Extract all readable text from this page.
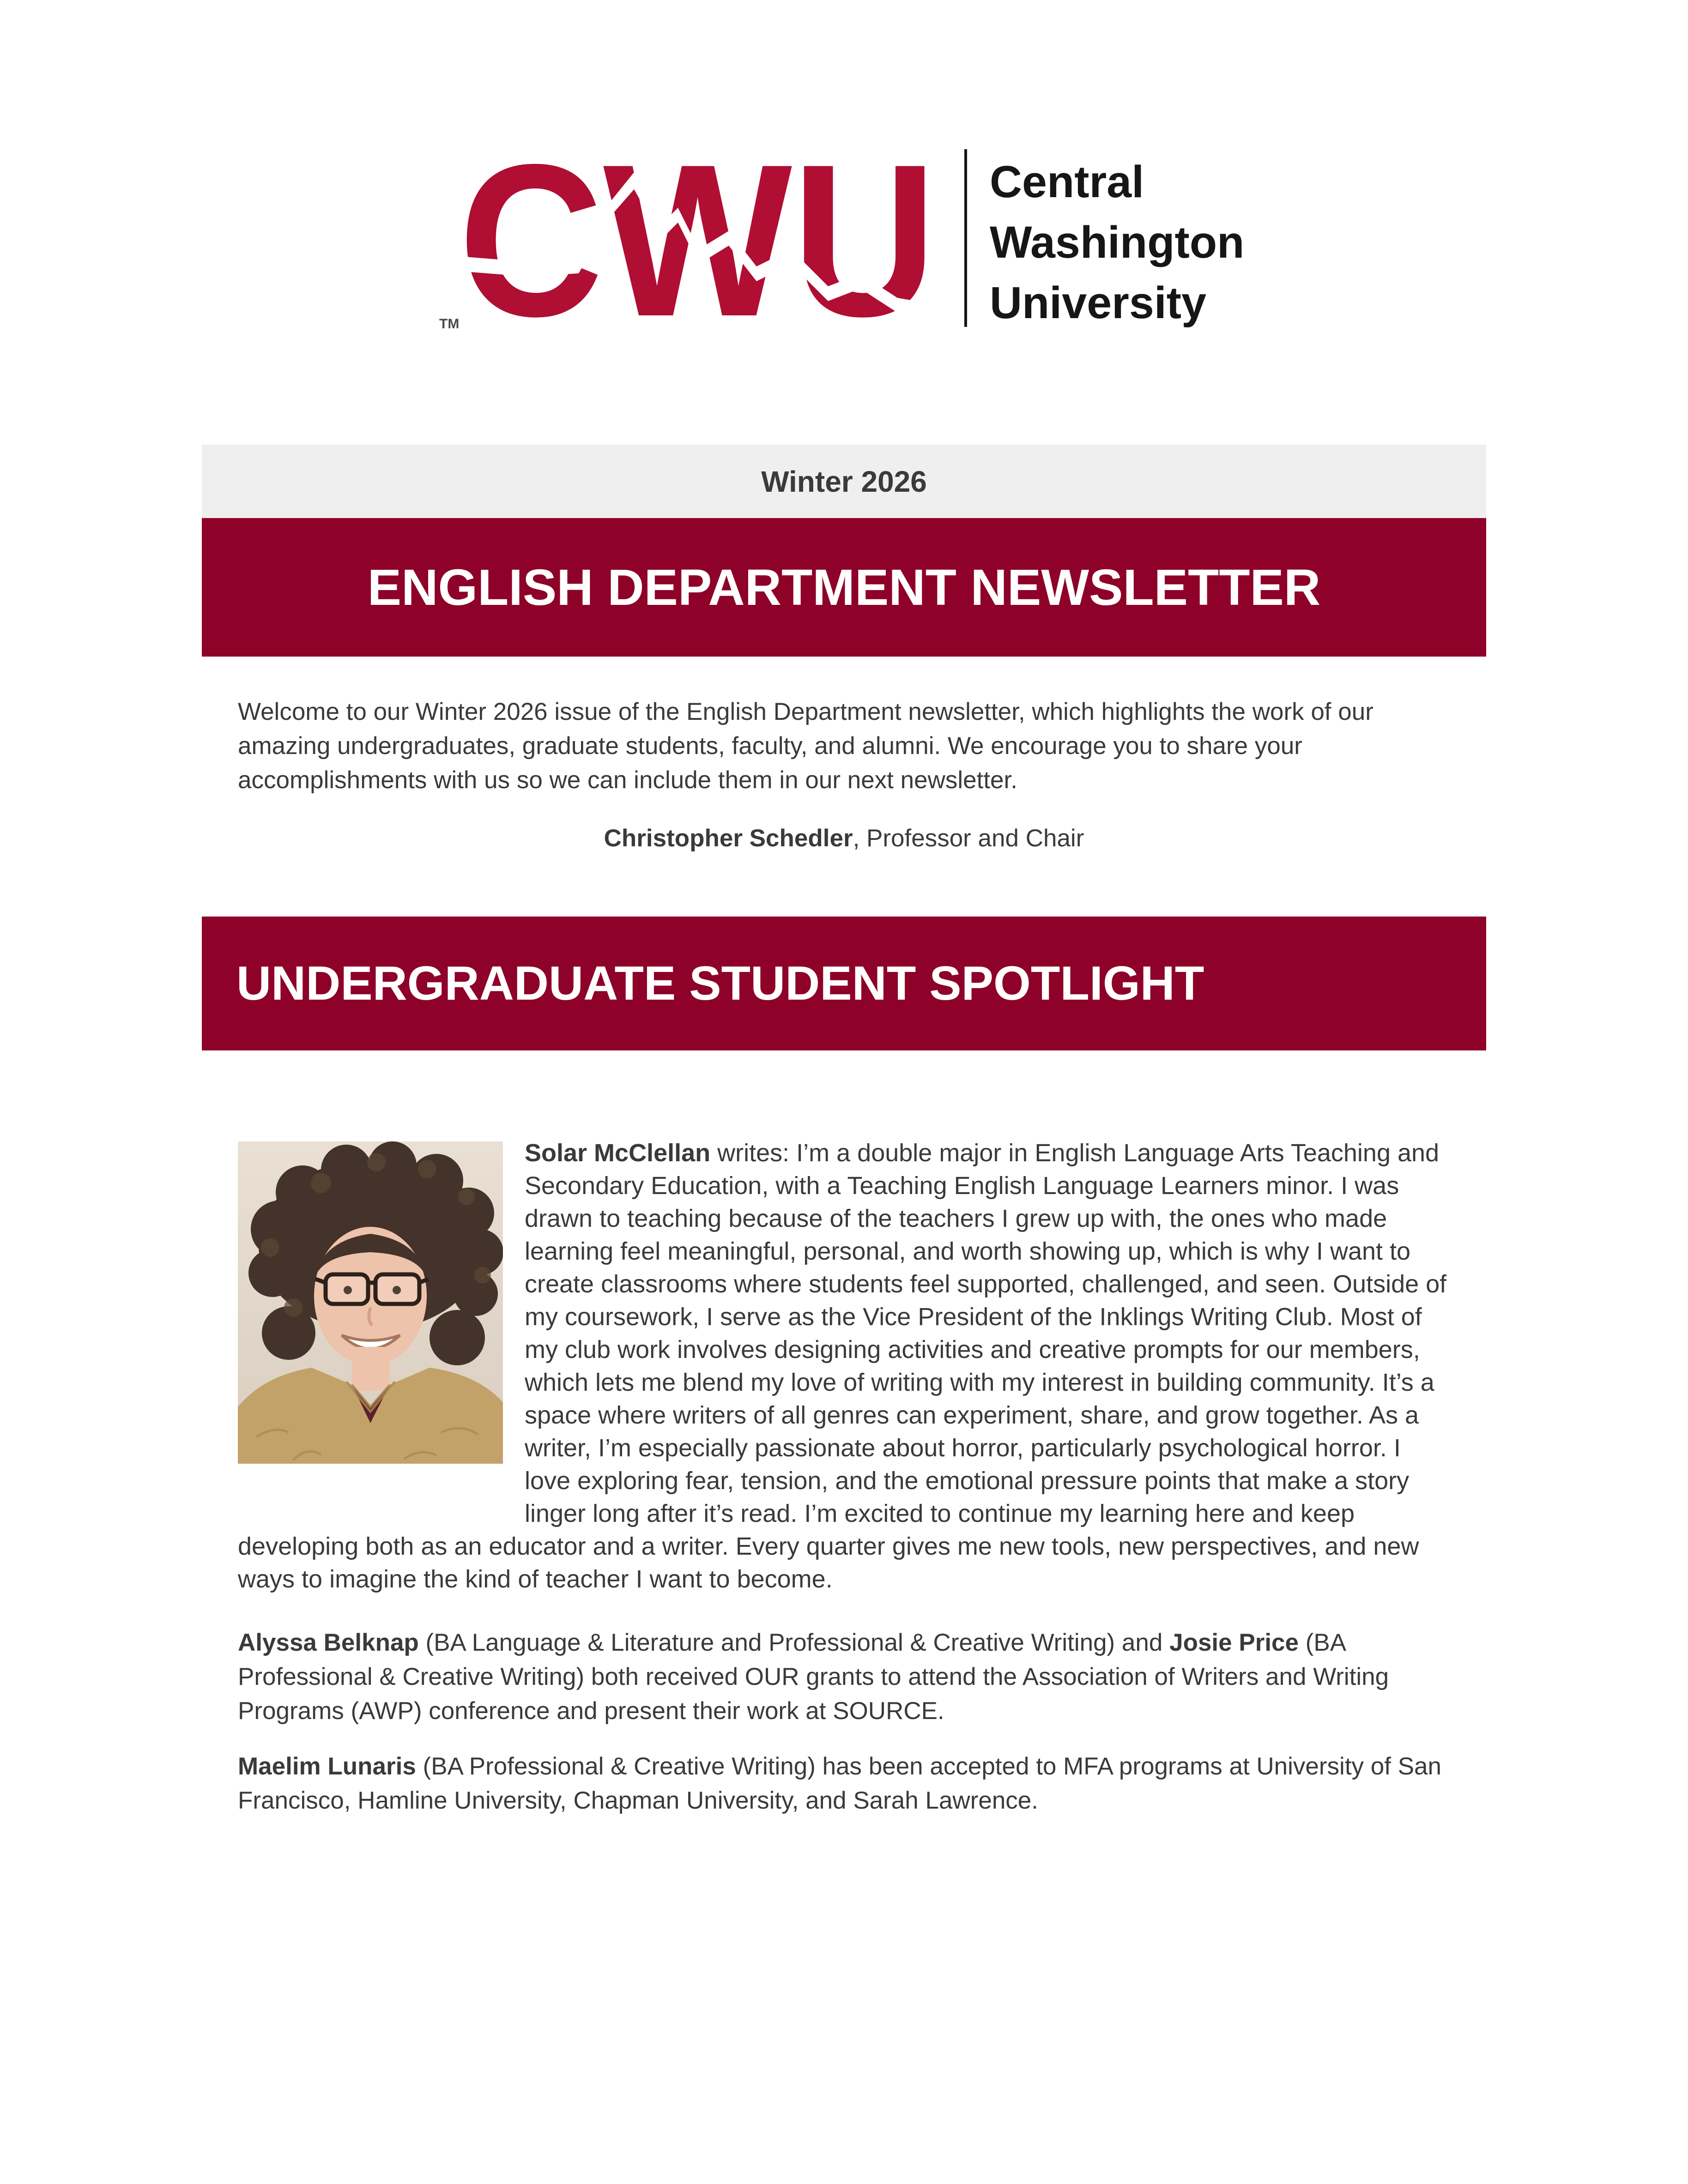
CWU
TM
Central
Washington
University
Winter 2026
ENGLISH DEPARTMENT NEWSLETTER

Welcome to our Winter 2026 issue of the English Department newsletter, which highlights the work of our amazing undergraduates, graduate students, faculty, and alumni. We encourage you to share your accomplishments with us so we can include them in our next newsletter.

Christopher Schedler, Professor and Chair

UNDERGRADUATE STUDENT SPOTLIGHT

Solar McClellan writes: I’m a double major in English Language Arts Teaching and Secondary Education, with a Teaching English Language Learners minor. I was drawn to teaching because of the teachers I grew up with, the ones who made learning feel meaningful, personal, and worth showing up, which is why I want to create classrooms where students feel supported, challenged, and seen. Outside of my coursework, I serve as the Vice President of the Inklings Writing Club. Most of my club work involves designing activities and creative prompts for our members, which lets me blend my love of writing with my interest in building community. It’s a space where writers of all genres can experiment, share, and grow together. As a writer, I’m especially passionate about horror, particularly psychological horror. I love exploring fear, tension, and the emotional pressure points that make a story linger long after it’s read. I’m excited to continue my learning here and keep developing both as an educator and a writer. Every quarter gives me new tools, new perspectives, and new ways to imagine the kind of teacher I want to become.

Alyssa Belknap (BA Language & Literature and Professional & Creative Writing) and Josie Price (BA Professional & Creative Writing) both received OUR grants to attend the Association of Writers and Writing Programs (AWP) conference and present their work at SOURCE.

Maelim Lunaris (BA Professional & Creative Writing) has been accepted to MFA programs at University of San Francisco, Hamline University, Chapman University, and Sarah Lawrence.
